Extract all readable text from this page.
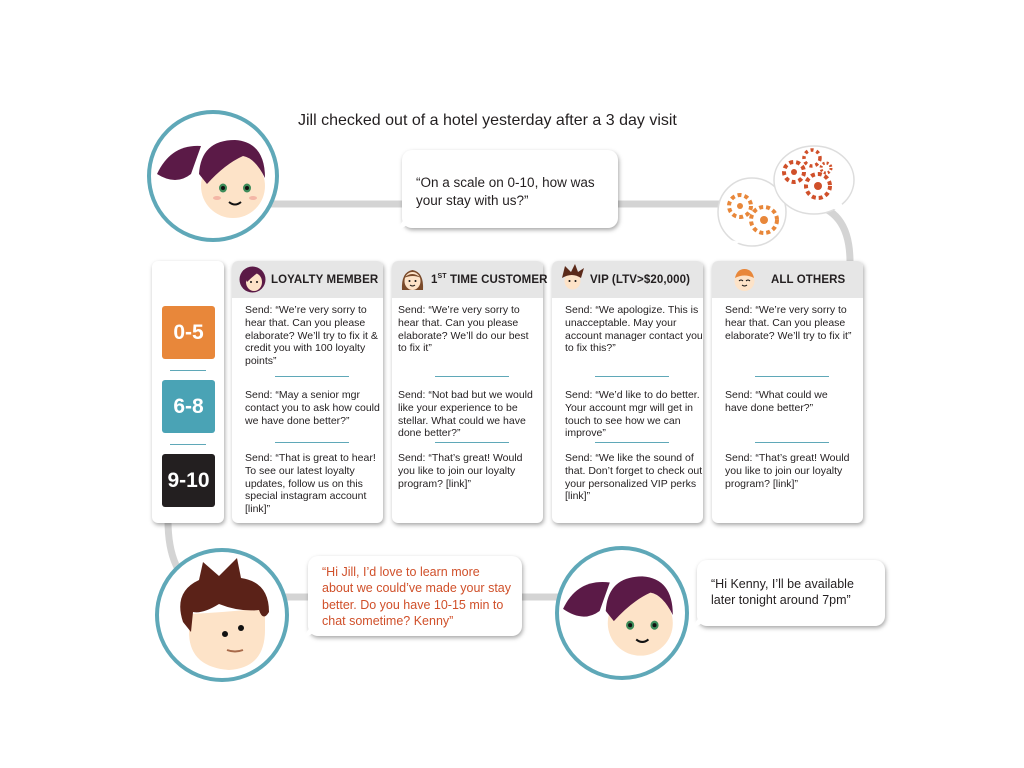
Jill checked out of a hotel yesterday after a 3 day visit
“On a scale on 0-10, how was your stay with us?”
0-5
6-8
9-10
LOYALTY MEMBER
Send: “We’re very sorry to hear that. Can you please elaborate? We’ll try to fix it & credit you with 100 loyalty points”
Send: “May a senior mgr contact you to ask how could we have done better?”
Send: “That is great to hear! To see our latest loyalty updates, follow us on this special instagram account [link]”
1ST TIME CUSTOMER
Send: “We’re very sorry to hear that. Can you please elaborate? We’ll do our best to fix it”
Send: “Not bad but we would like your experience to be stellar. What could we have done better?”
Send: “That’s great! Would you like to join our loyalty program? [link]”
VIP (LTV>$20,000)
Send: “We apologize. This is unacceptable. May your account manager contact you to fix this?”
Send: “We’d like to do better. Your account mgr will get in touch to see how we can improve”
Send: “We like the sound of that. Don’t forget to check out your personalized VIP perks [link]”
ALL OTHERS
Send: “We’re very sorry to hear that. Can you please elaborate? We’ll try to fix it”
Send: “What could we have done better?”
Send: “That’s great! Would you like to join our loyalty program? [link]”
“Hi Jill, I’d love to learn more about we could’ve made your stay better. Do you have 10-15 min to chat sometime? Kenny”
“Hi Kenny, I’ll be available later tonight around 7pm”
